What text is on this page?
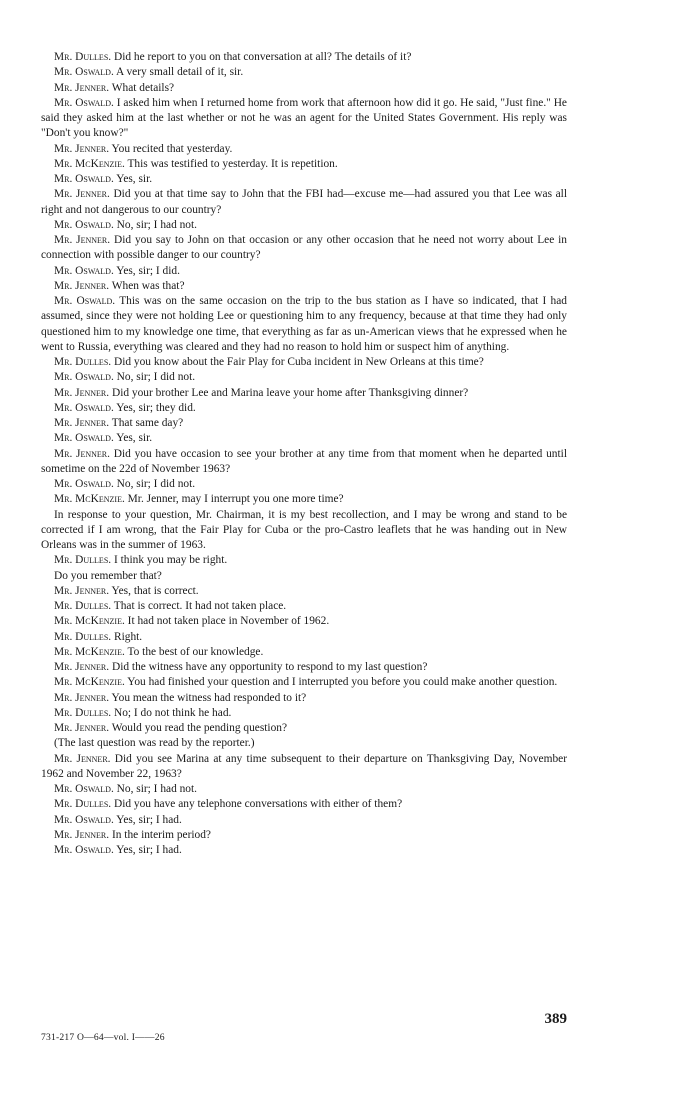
Mr. Dulles. Did he report to you on that conversation at all? The details of it?

Mr. Oswald. A very small detail of it, sir.

Mr. Jenner. What details?

Mr. Oswald. I asked him when I returned home from work that afternoon how did it go. He said, "Just fine." He said they asked him at the last whether or not he was an agent for the United States Government. His reply was "Don't you know?"

Mr. Jenner. You recited that yesterday.

Mr. McKenzie. This was testified to yesterday. It is repetition.

Mr. Oswald. Yes, sir.

Mr. Jenner. Did you at that time say to John that the FBI had—excuse me—had assured you that Lee was all right and not dangerous to our country?

Mr. Oswald. No, sir; I had not.

Mr. Jenner. Did you say to John on that occasion or any other occasion that he need not worry about Lee in connection with possible danger to our country?

Mr. Oswald. Yes, sir; I did.

Mr. Jenner. When was that?

Mr. Oswald. This was on the same occasion on the trip to the bus station as I have so indicated, that I had assumed, since they were not holding Lee or questioning him to any frequency, because at that time they had only questioned him to my knowledge one time, that everything as far as un-American views that he expressed when he went to Russia, everything was cleared and they had no reason to hold him or suspect him of anything.

Mr. Dulles. Did you know about the Fair Play for Cuba incident in New Orleans at this time?

Mr. Oswald. No, sir; I did not.

Mr. Jenner. Did your brother Lee and Marina leave your home after Thanksgiving dinner?

Mr. Oswald. Yes, sir; they did.

Mr. Jenner. That same day?

Mr. Oswald. Yes, sir.

Mr. Jenner. Did you have occasion to see your brother at any time from that moment when he departed until sometime on the 22d of November 1963?

Mr. Oswald. No, sir; I did not.

Mr. McKenzie. Mr. Jenner, may I interrupt you one more time?

In response to your question, Mr. Chairman, it is my best recollection, and I may be wrong and stand to be corrected if I am wrong, that the Fair Play for Cuba or the pro-Castro leaflets that he was handing out in New Orleans was in the summer of 1963.

Mr. Dulles. I think you may be right.

Do you remember that?

Mr. Jenner. Yes, that is correct.

Mr. Dulles. That is correct. It had not taken place.

Mr. McKenzie. It had not taken place in November of 1962.

Mr. Dulles. Right.

Mr. McKenzie. To the best of our knowledge.

Mr. Jenner. Did the witness have any opportunity to respond to my last question?

Mr. McKenzie. You had finished your question and I interrupted you before you could make another question.

Mr. Jenner. You mean the witness had responded to it?

Mr. Dulles. No; I do not think he had.

Mr. Jenner. Would you read the pending question?

(The last question was read by the reporter.)

Mr. Jenner. Did you see Marina at any time subsequent to their departure on Thanksgiving Day, November 1962 and November 22, 1963?

Mr. Oswald. No, sir; I had not.

Mr. Dulles. Did you have any telephone conversations with either of them?

Mr. Oswald. Yes, sir; I had.

Mr. Jenner. In the interim period?

Mr. Oswald. Yes, sir; I had.

389
731-217 O—64—vol. I——26
